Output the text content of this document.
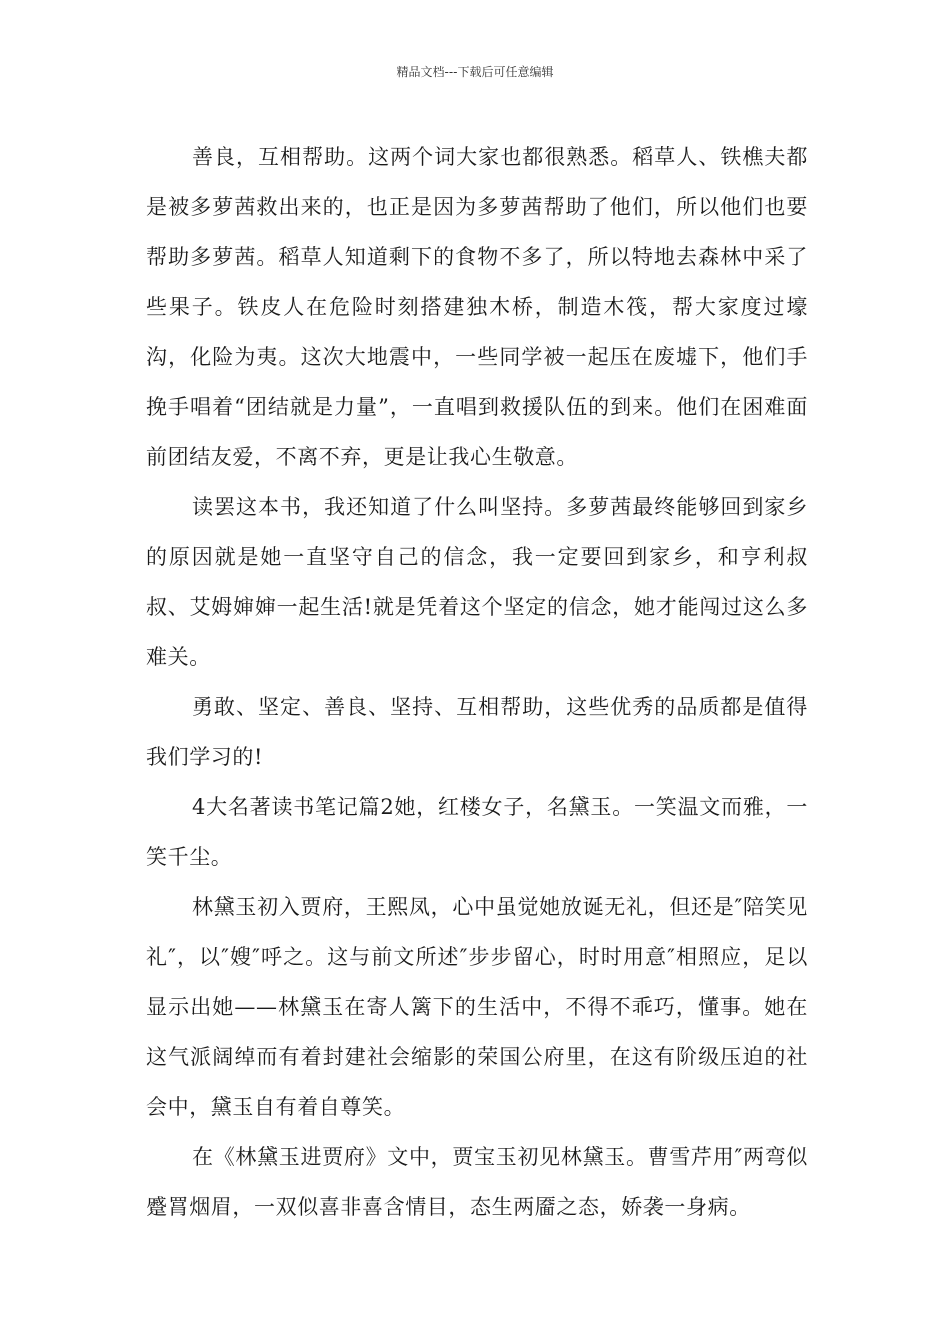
精品文档---下载后可任意编辑

善良，互相帮助。这两个词大家也都很熟悉。稻草人、铁樵夫都是被多萝茜救出来的，也正是因为多萝茜帮助了他们，所以他们也要帮助多萝茜。稻草人知道剩下的食物不多了，所以特地去森林中采了些果子。铁皮人在危险时刻搭建独木桥，制造木筏，帮大家度过壕沟，化险为夷。这次大地震中，一些同学被一起压在废墟下，他们手挽手唱着“团结就是力量”，一直唱到救援队伍的到来。他们在困难面前团结友爱，不离不弃，更是让我心生敬意。

读罢这本书，我还知道了什么叫坚持。多萝茜最终能够回到家乡的原因就是她一直坚守自己的信念，我一定要回到家乡，和亨利叔叔、艾姆婶婶一起生活!就是凭着这个坚定的信念，她才能闯过这么多难关。

勇敢、坚定、善良、坚持、互相帮助，这些优秀的品质都是值得我们学习的!

4大名著读书笔记篇2她，红楼女子，名黛玉。一笑温文而雅，一笑千尘。

林黛玉初入贾府，王熙凤，心中虽觉她放诞无礼，但还是″陪笑见礼″，以″嫂″呼之。这与前文所述″步步留心，时时用意″相照应，足以显示出她——林黛玉在寄人篱下的生活中，不得不乖巧，懂事。她在这气派阔绰而有着封建社会缩影的荣国公府里，在这有阶级压迫的社会中，黛玉自有着自尊笑。

在《林黛玉进贾府》文中，贾宝玉初见林黛玉。曹雪芹用″两弯似蹙罥烟眉，一双似喜非喜含情目，态生两靥之态，娇袭一身病。
